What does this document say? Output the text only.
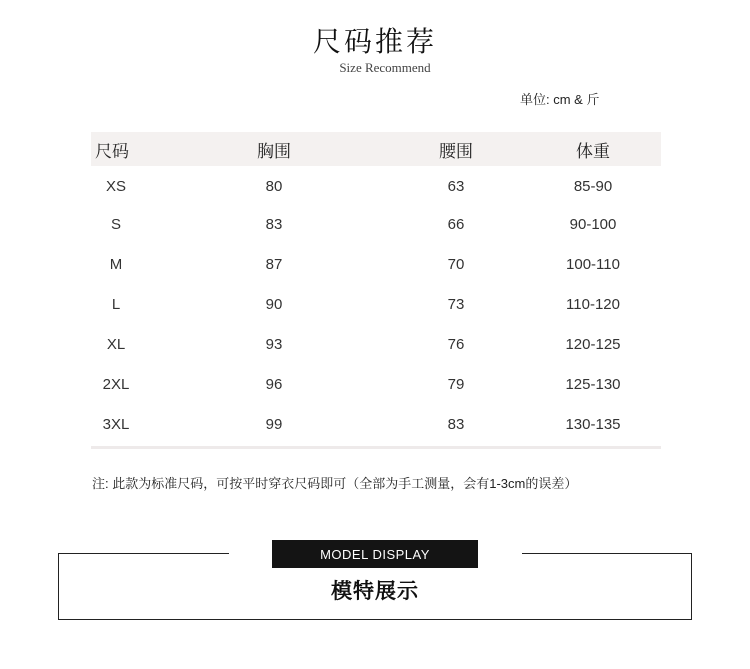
尺码推荐
Size Recommend
单位: cm & 斤
尺码	胸围	腰围	体重
XS	80	63	85-90
S	83	66	90-100
M	87	70	100-110
L	90	73	110-120
XL	93	76	120-125
2XL	96	79	125-130
3XL	99	83	130-135
注: 此款为标准尺码，可按平时穿衣尺码即可（全部为手工测量，会有1-3cm的误差）
MODEL DISPLAY
模特展示
